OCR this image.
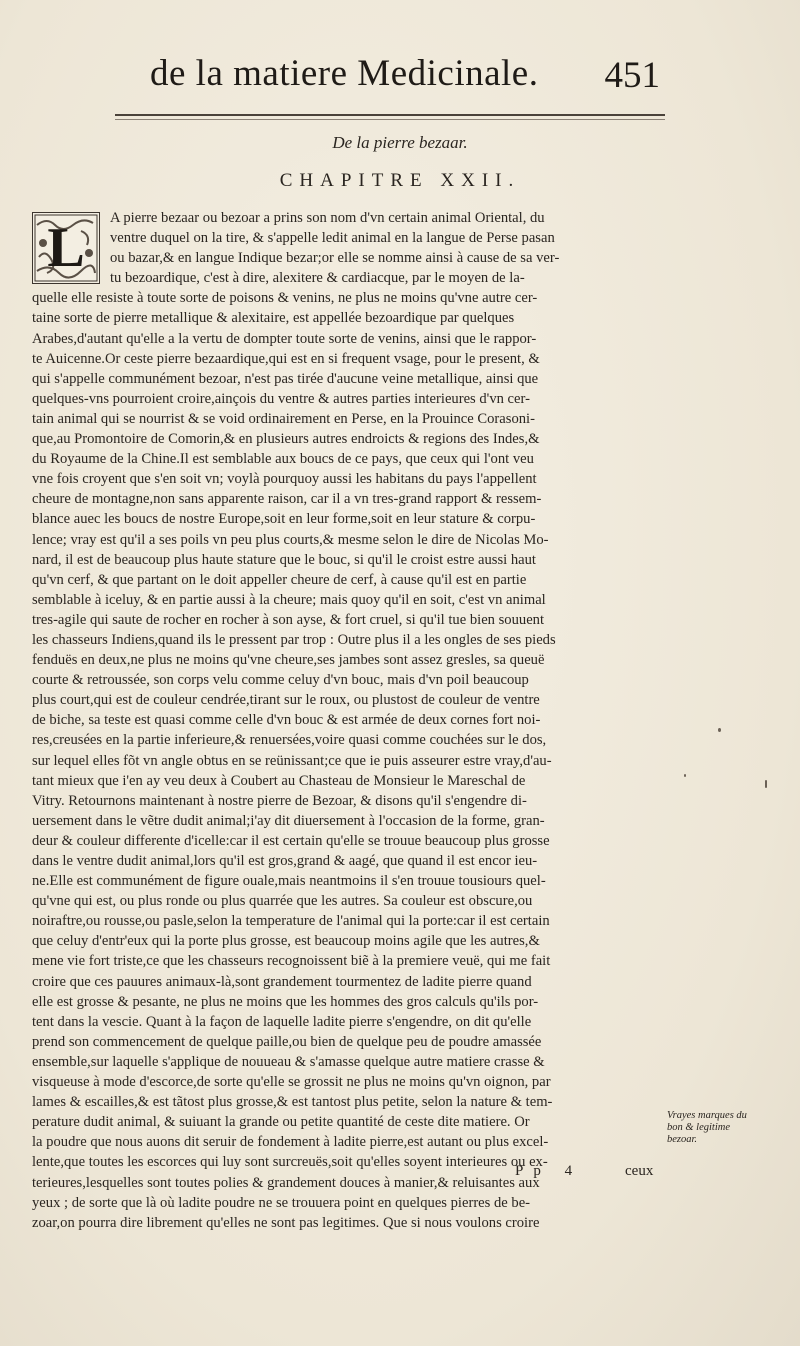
de la matiere Medicinale. 451
De la pierre bezaar.
CHAPITRE XXII.
L	A pierre bezaar ou bezoar a prins son nom d'vn certain animal Oriental, du
ventre duquel on la tire, & s'appelle ledit animal en la langue de Perse pasan
ou bazar,& en langue Indique bezar;or elle se nomme ainsi à cause de sa ver-
tu bezoardique, c'est à dire, alexitere & cardiacque, par le moyen de la-
quelle elle resiste à toute sorte de poisons & venins, ne plus ne moins qu'vne autre cer-
taine sorte de pierre metallique & alexitaire, est appellée bezoardique par quelques
Arabes,d'autant qu'elle a la vertu de dompter toute sorte de venins, ainsi que le rappor-
te Auicenne.Or ceste pierre bezaardique,qui est en si frequent vsage, pour le present, &
qui s'appelle communément bezoar, n'est pas tirée d'aucune veine metallique, ainsi que
quelques-vns pourroient croire,ainçois du ventre & autres parties interieures d'vn cer-
tain animal qui se nourrist & se void ordinairement en Perse, en la Prouince Corasoni-
que,au Promontoire de Comorin,& en plusieurs autres endroicts & regions des Indes,&
du Royaume de la Chine.Il est semblable aux boucs de ce pays, que ceux qui l'ont veu
vne fois croyent que s'en soit vn; voylà pourquoy aussi les habitans du pays l'appellent
cheure de montagne,non sans apparente raison, car il a vn tres-grand rapport & ressem-
blance auec les boucs de nostre Europe,soit en leur forme,soit en leur stature & corpu-
lence; vray est qu'il a ses poils vn peu plus courts,& mesme selon le dire de Nicolas Mo-
nard, il est de beaucoup plus haute stature que le bouc, si qu'il le croist estre aussi haut
qu'vn cerf, & que partant on le doit appeller cheure de cerf, à cause qu'il est en partie
semblable à iceluy, & en partie aussi à la cheure; mais quoy qu'il en soit, c'est vn animal
tres-agile qui saute de rocher en rocher à son ayse, & fort cruel, si qu'il tue bien souuent
les chasseurs Indiens,quand ils le pressent par trop : Outre plus il a les ongles de ses pieds
fenduës en deux,ne plus ne moins qu'vne cheure,ses jambes sont assez gresles, sa queuë
courte & retroussée, son corps velu comme celuy d'vn bouc, mais d'vn poil beaucoup
plus court,qui est de couleur cendrée,tirant sur le roux, ou plustost de couleur de ventre
de biche, sa teste est quasi comme celle d'vn bouc & est armée de deux cornes fort noi-
res,creusées en la partie inferieure,& renuersées,voire quasi comme couchées sur le dos,
sur lequel elles fõt vn angle obtus en se reünissant;ce que ie puis asseurer estre vray,d'au-
tant mieux que i'en ay veu deux à Coubert au Chasteau de Monsieur le Mareschal de
Vitry. Retournons maintenant à nostre pierre de Bezoar, & disons qu'il s'engendre di-
uersement dans le vẽtre dudit animal;i'ay dit diuersement à l'occasion de la forme, gran-
deur & couleur differente d'icelle:car il est certain qu'elle se trouue beaucoup plus grosse
dans le ventre dudit animal,lors qu'il est gros,grand & aagé, que quand il est encor ieu-
ne.Elle est communément de figure ouale,mais neantmoins il s'en trouue tousiours quel-
qu'vne qui est, ou plus ronde ou plus quarrée que les autres. Sa couleur est obscure,ou
noiraftre,ou rousse,ou pasle,selon la temperature de l'animal qui la porte:car il est certain
que celuy d'entr'eux qui la porte plus grosse, est beaucoup moins agile que les autres,&
mene vie fort triste,ce que les chasseurs recognoissent biẽ à la premiere veuë, qui me fait
croire que ces pauures animaux-là,sont grandement tourmentez de ladite pierre quand
elle est grosse & pesante, ne plus ne moins que les hommes des gros calculs qu'ils por-
tent dans la vescie. Quant à la façon de laquelle ladite pierre s'engendre, on dit qu'elle
prend son commencement de quelque paille,ou bien de quelque peu de poudre amassée
ensemble,sur laquelle s'applique de nouueau & s'amasse quelque autre matiere crasse &
visqueuse à mode d'escorce,de sorte qu'elle se grossit ne plus ne moins qu'vn oignon, par
lames & escailles,& est tãtost plus grosse,& est tantost plus petite, selon la nature & tem-
perature dudit animal, & suiuant la grande ou petite quantité de ceste dite matiere. Or
la poudre que nous auons dit seruir de fondement à ladite pierre,est autant ou plus excel-
lente,que toutes les escorces qui luy sont surcreuës,soit qu'elles soyent interieures ou ex-
terieures,lesquelles sont toutes polies & grandement douces à manier,& reluisantes aux
yeux ; de sorte que là où ladite poudre ne se trouuera point en quelques pierres de be-
zoar,on pourra dire librement qu'elles ne sont pas legitimes. Que si nous voulons croire
Vrayes marques du bon & legitime bezoar.
Pp 4	ceux
